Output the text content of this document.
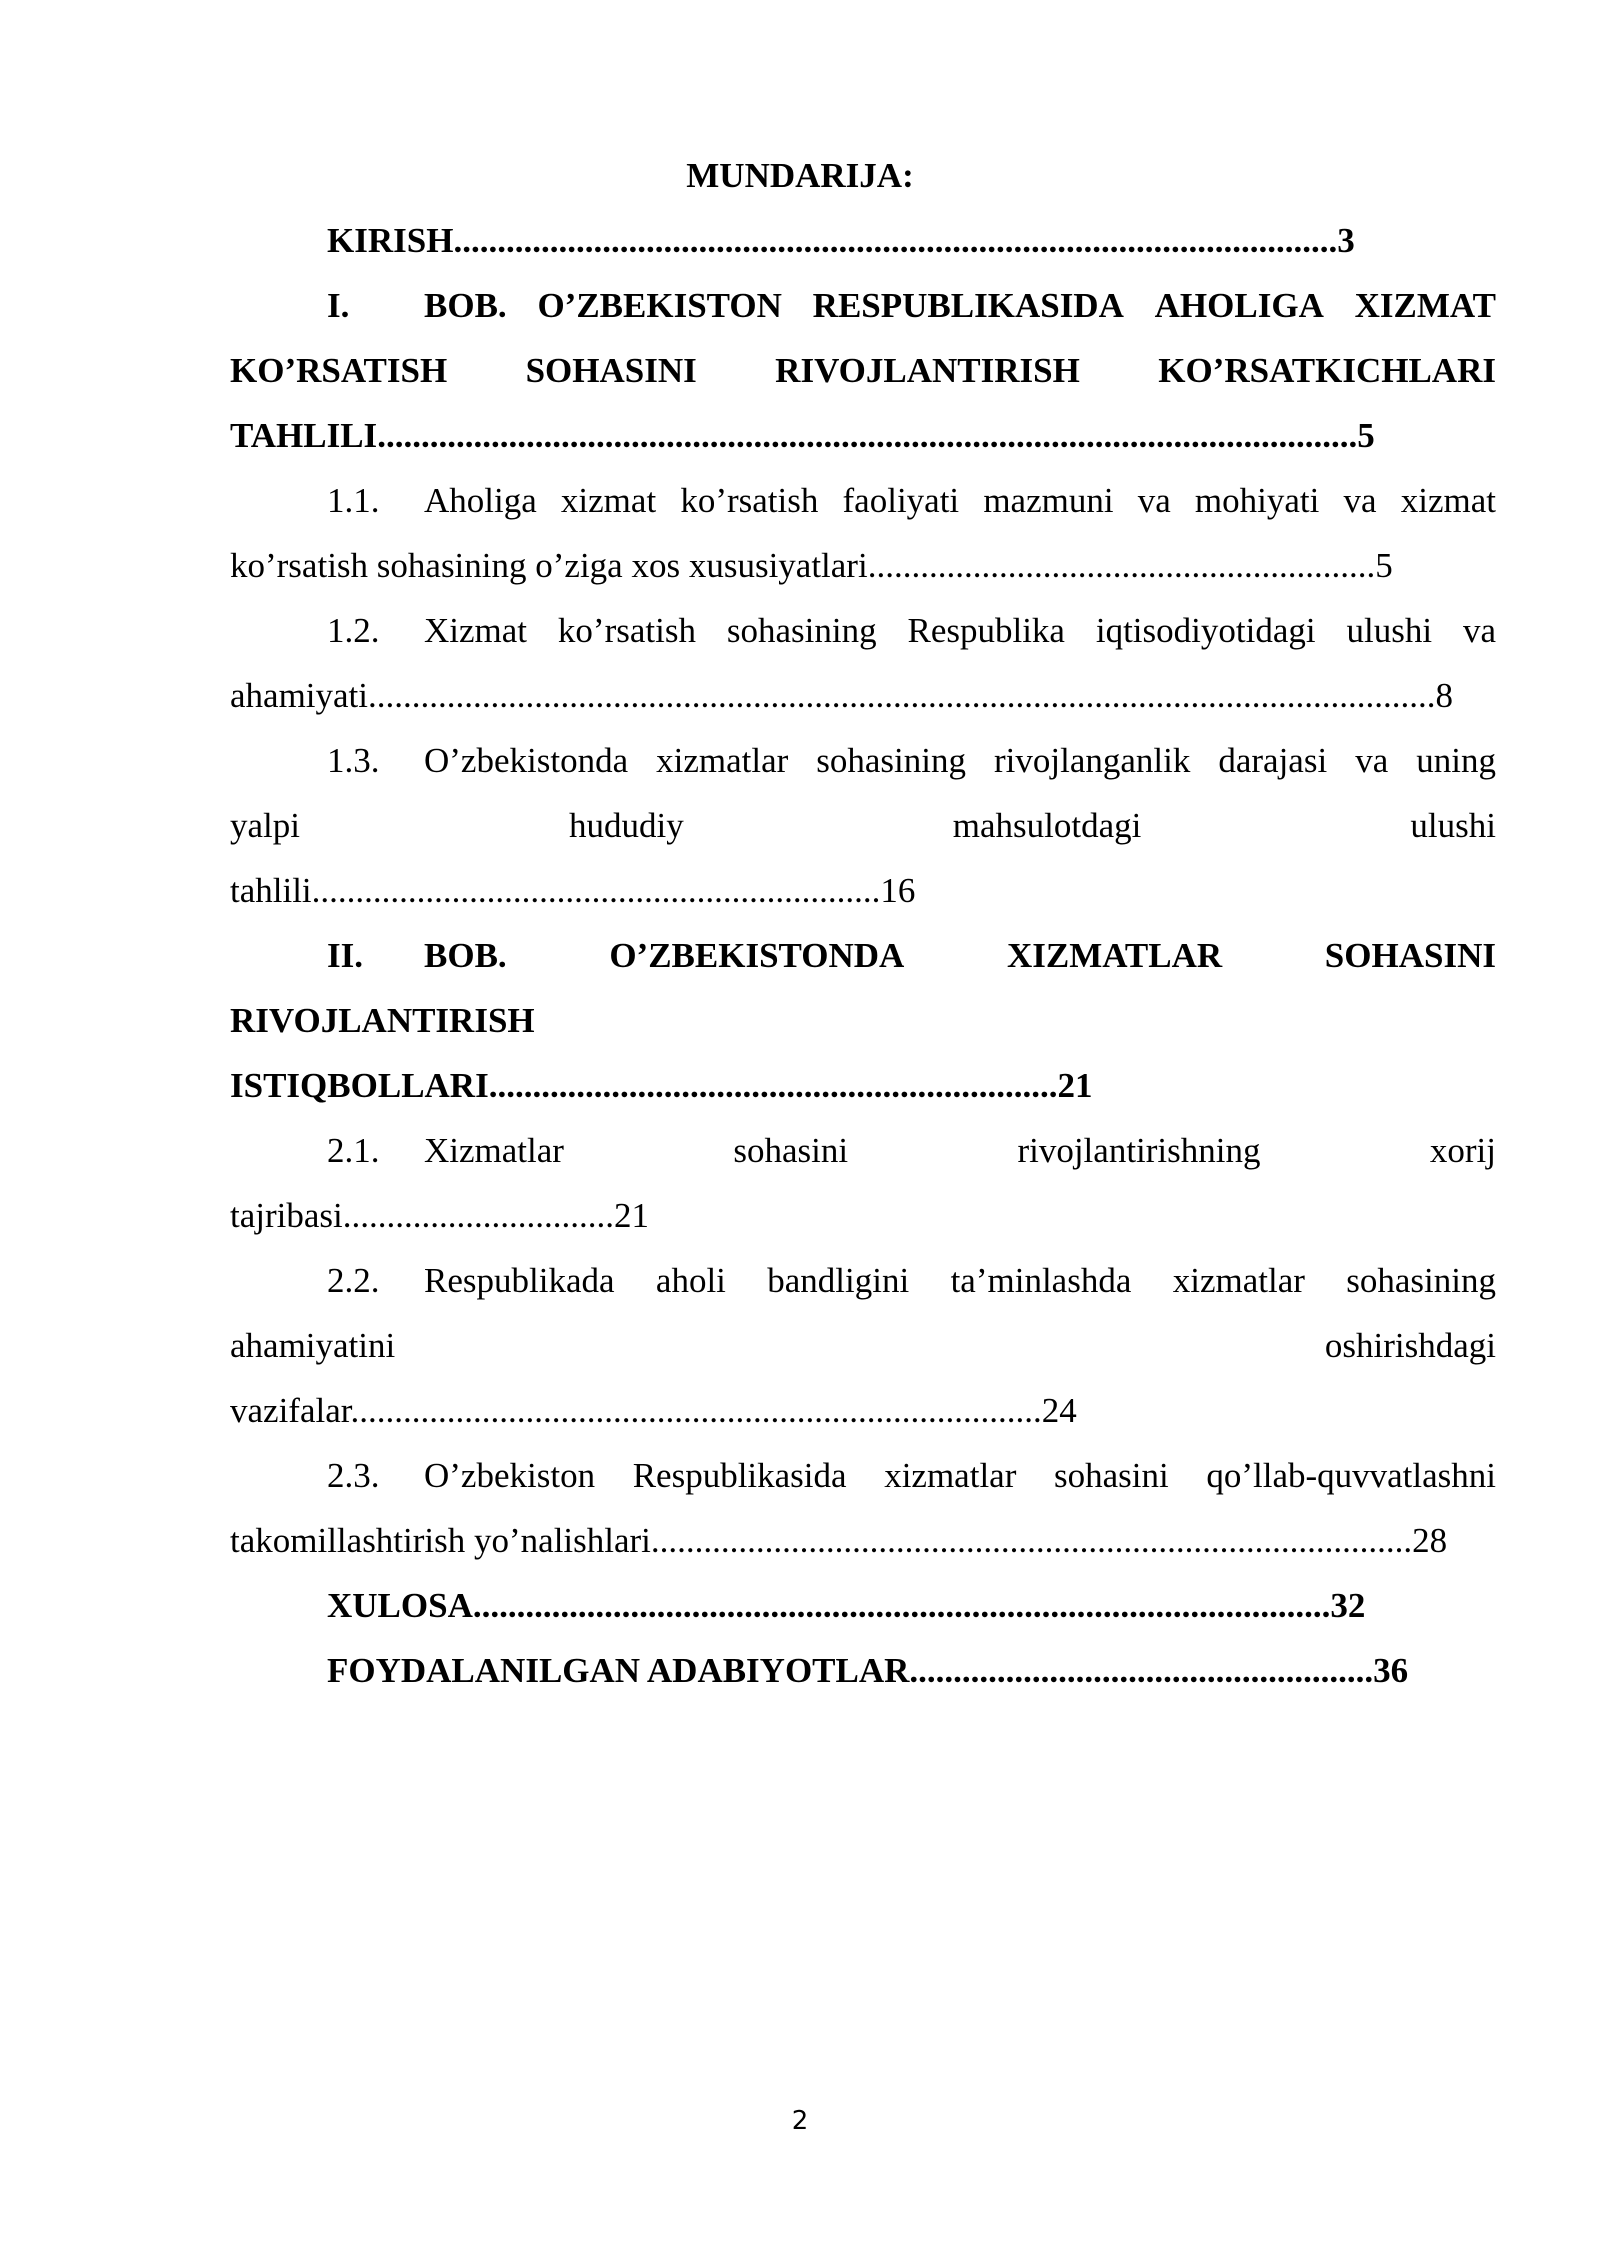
MUNDARIJA:
KIRISH.....................................................................................................3
I. BOB. O’ZBEKISTON RESPUBLIKASIDA AHOLIGA XIZMAT
KO’RSATISH SOHASINI RIVOJLANTIRISH KO’RSATKICHLARI
TAHLILI................................................................................................................5
1.1. Aholiga xizmat ko’rsatish faoliyati mazmuni va mohiyati va xizmat
ko’rsatish sohasining o’ziga xos xususiyatlari..........................................................5
1.2. Xizmat ko’rsatish sohasining Respublika iqtisodiyotidagi ulushi va
ahamiyati..........................................................................................................................8
1.3. O’zbekistonda xizmatlar sohasining rivojlanganlik darajasi va uning
yalpi	hududiy	mahsulotdagi	ulushi
tahlili.................................................................16
II. BOB.	O’ZBEKISTONDA	XIZMATLAR	SOHASINI
RIVOJLANTIRISH
ISTIQBOLLARI.................................................................21
2.1. Xizmatlar	sohasini	rivojlantirishning	xorij
tajribasi...............................21
2.2. Respublikada aholi bandligini ta’minlashda xizmatlar sohasining
ahamiyatini	oshirishdagi
vazifalar...............................................................................24
2.3. O’zbekiston Respublikasida xizmatlar sohasini qo’llab-quvvatlashni
takomillashtirish yo’nalishlari.......................................................................................28
XULOSA..................................................................................................32
FOYDALANILGAN ADABIYOTLAR.....................................................36
2
